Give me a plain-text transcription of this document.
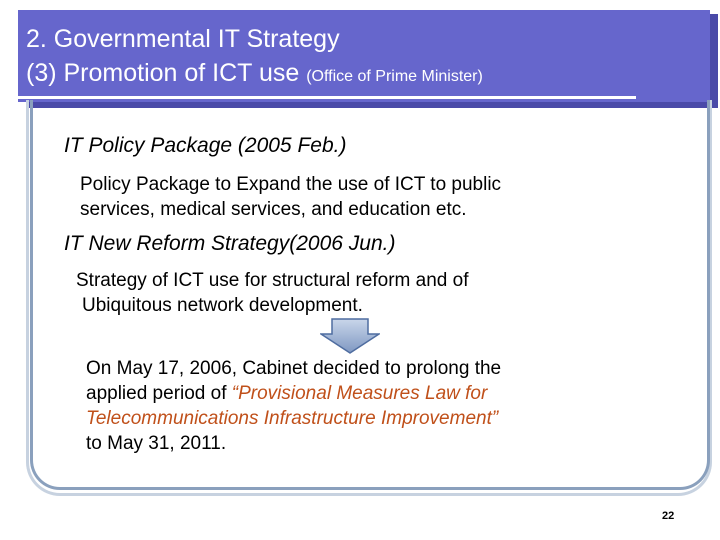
2. Governmental IT Strategy
(3) Promotion of ICT use (Office of Prime Minister)
IT Policy Package (2005 Feb.)
Policy Package to Expand the use of ICT to public
services, medical services, and education etc.
IT New Reform Strategy(2006 Jun.)
Strategy of ICT use for structural reform and of
Ubiquitous network development.
On May 17, 2006, Cabinet decided to prolong the
applied period of “Provisional Measures Law for
Telecommunications Infrastructure Improvement”
to May 31, 2011.
22
